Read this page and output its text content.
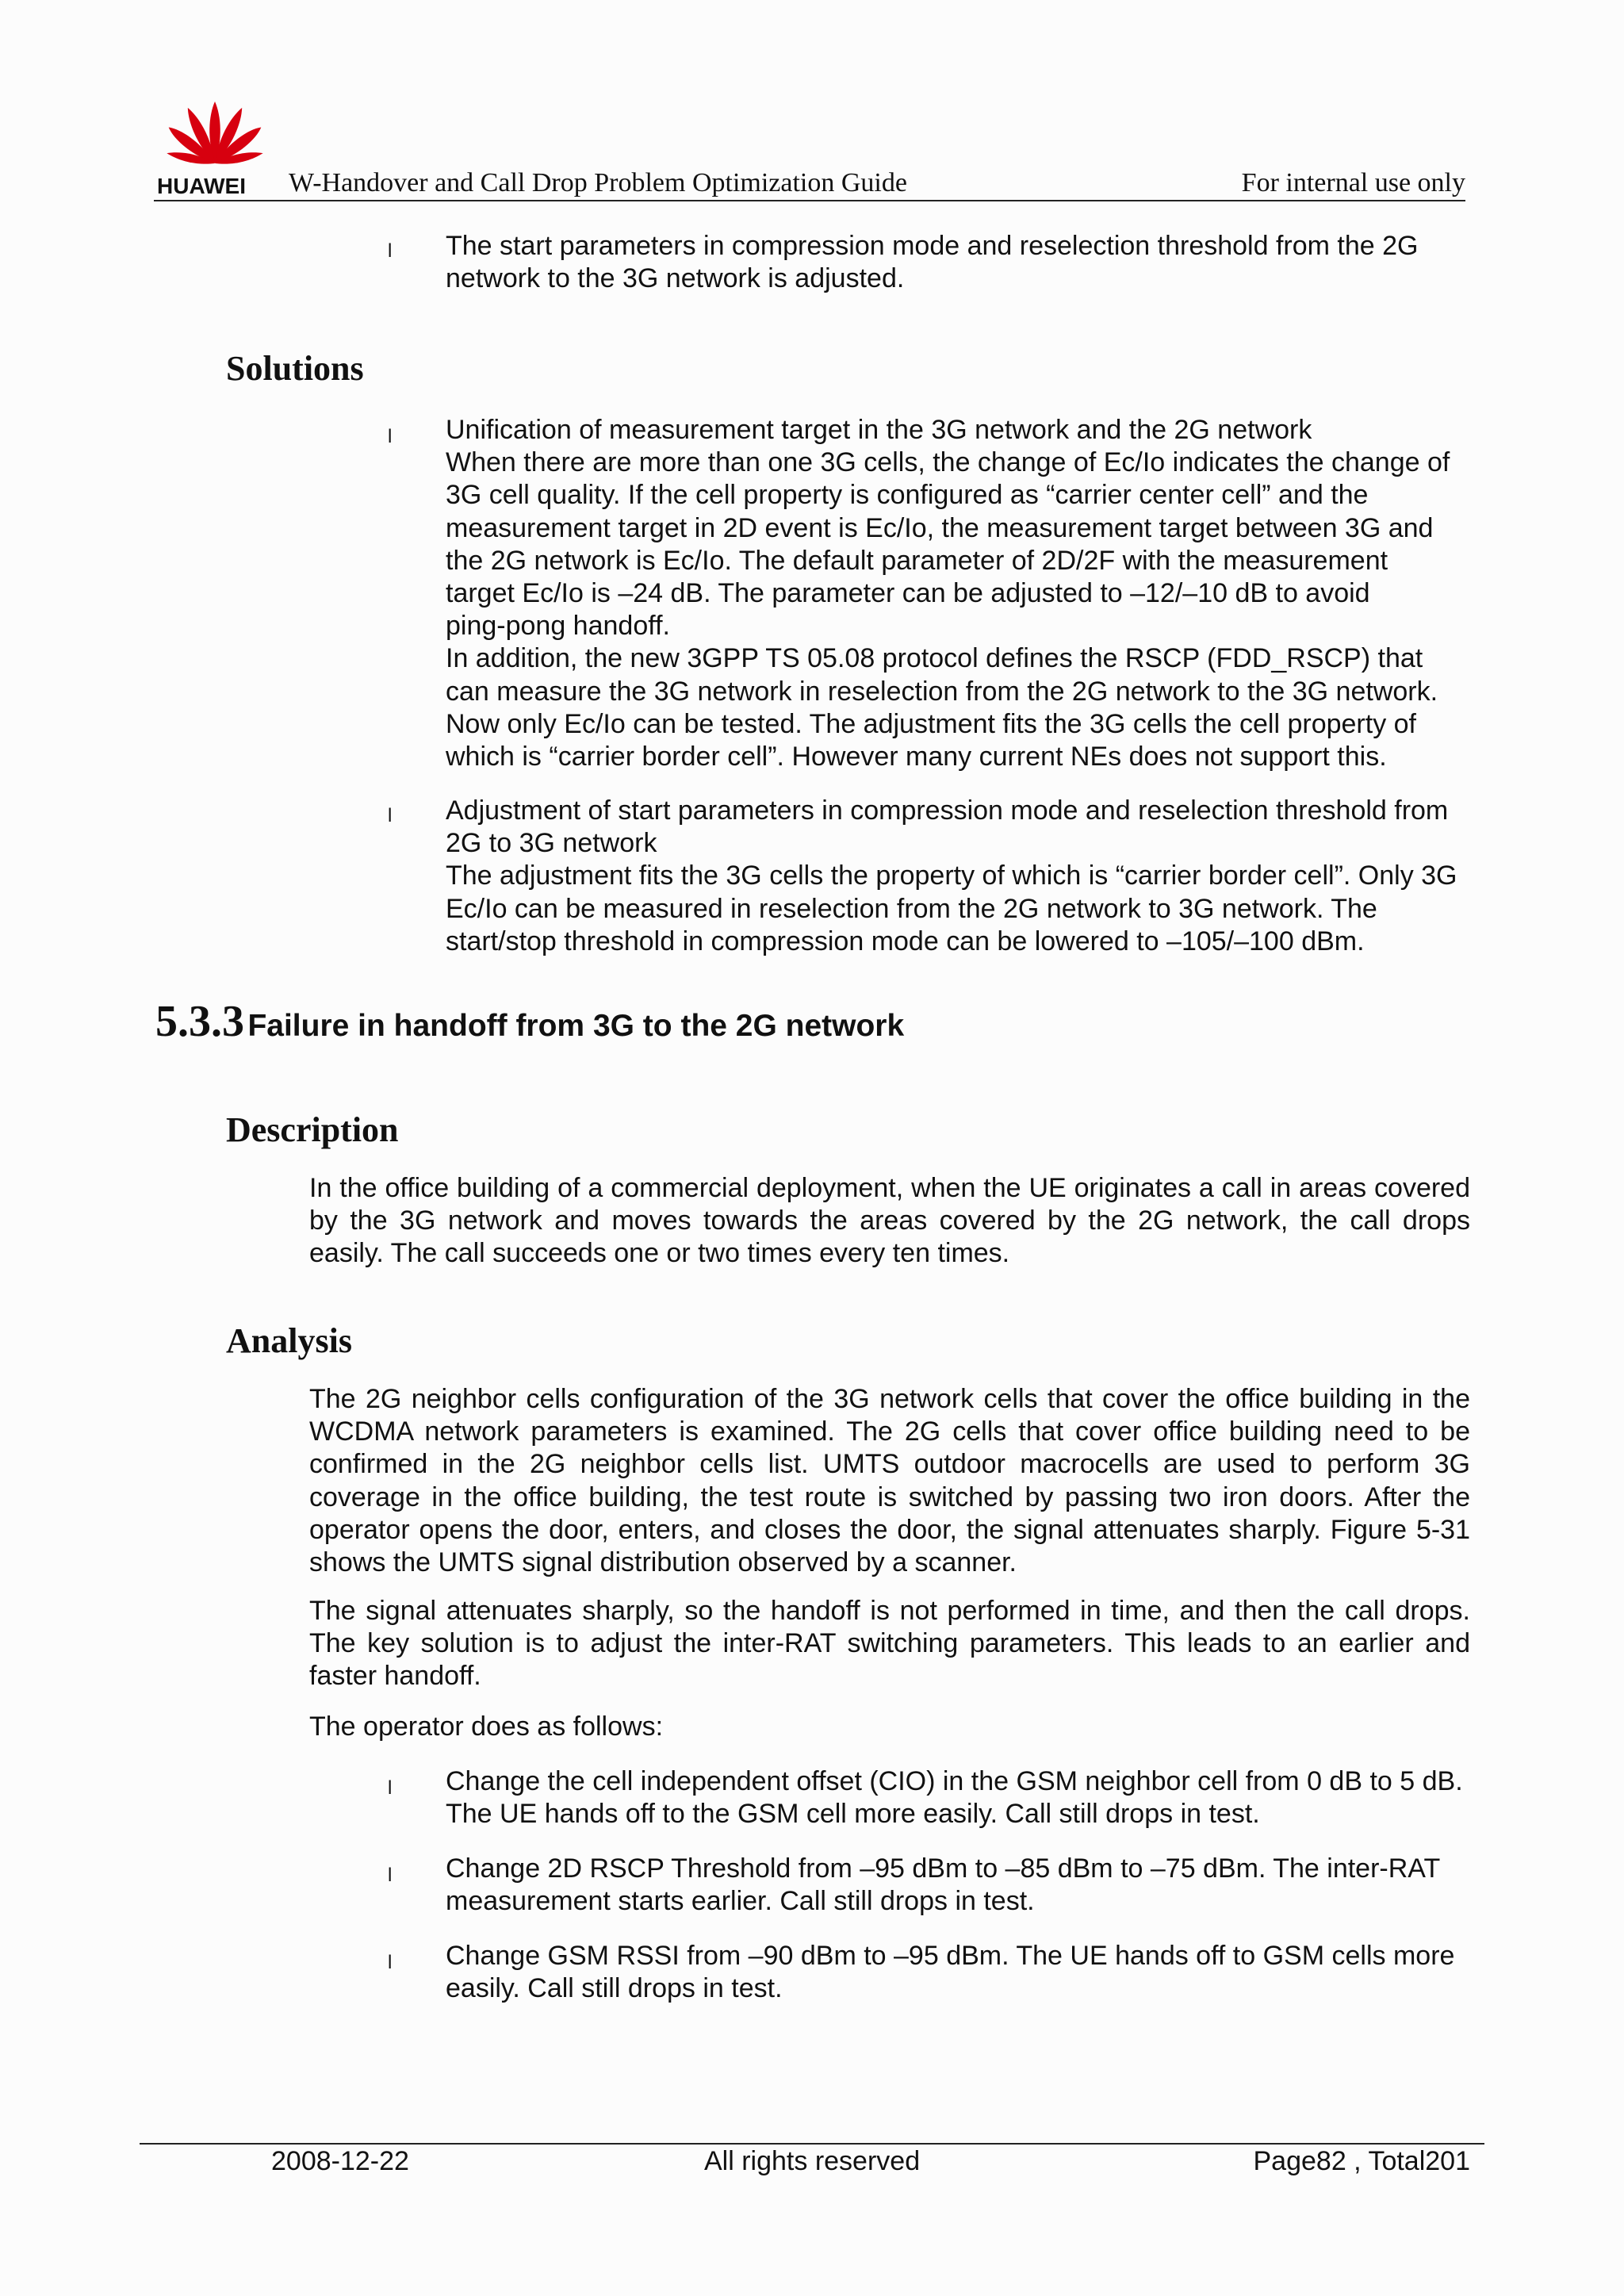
HUAWEI W-Handover and Call Drop Problem Optimization Guide	For internal use only
l The start parameters in compression mode and reselection threshold from the 2G
network to the 3G network is adjusted.
Solutions
l Unification of measurement target in the 3G network and the 2G network
When there are more than one 3G cells, the change of Ec/Io indicates the change of
3G cell quality. If the cell property is configured as “carrier center cell” and the
measurement target in 2D event is Ec/Io, the measurement target between 3G and
the 2G network is Ec/Io. The default parameter of 2D/2F with the measurement
target Ec/Io is –24 dB. The parameter can be adjusted to –12/–10 dB to avoid
ping-pong handoff.
In addition, the new 3GPP TS 05.08 protocol defines the RSCP (FDD_RSCP) that
can measure the 3G network in reselection from the 2G network to the 3G network.
Now only Ec/Io can be tested. The adjustment fits the 3G cells the cell property of
which is “carrier border cell”. However many current NEs does not support this.
l Adjustment of start parameters in compression mode and reselection threshold from
2G to 3G network
The adjustment fits the 3G cells the property of which is “carrier border cell”. Only 3G
Ec/Io can be measured in reselection from the 2G network to 3G network. The
start/stop threshold in compression mode can be lowered to –105/–100 dBm.
5.3.3 Failure in handoff from 3G to the 2G network
Description
In the office building of a commercial deployment, when the UE originates a call in areas covered by the 3G network and moves towards the areas covered by the 2G network, the call drops easily. The call succeeds one or two times every ten times.
Analysis
The 2G neighbor cells configuration of the 3G network cells that cover the office building in the WCDMA network parameters is examined. The 2G cells that cover office building need to be confirmed in the 2G neighbor cells list. UMTS outdoor macrocells are used to perform 3G coverage in the office building, the test route is switched by passing two iron doors. After the operator opens the door, enters, and closes the door, the signal attenuates sharply. Figure 5-31 shows the UMTS signal distribution observed by a scanner.
The signal attenuates sharply, so the handoff is not performed in time, and then the call drops. The key solution is to adjust the inter-RAT switching parameters. This leads to an earlier and faster handoff.
The operator does as follows:
l Change the cell independent offset (CIO) in the GSM neighbor cell from 0 dB to 5 dB.
The UE hands off to the GSM cell more easily. Call still drops in test.
l Change 2D RSCP Threshold from –95 dBm to –85 dBm to –75 dBm. The inter-RAT
measurement starts earlier. Call still drops in test.
l Change GSM RSSI from –90 dBm to –95 dBm. The UE hands off to GSM cells more
easily. Call still drops in test.
2008-12-22	All rights reserved	Page82 , Total201
